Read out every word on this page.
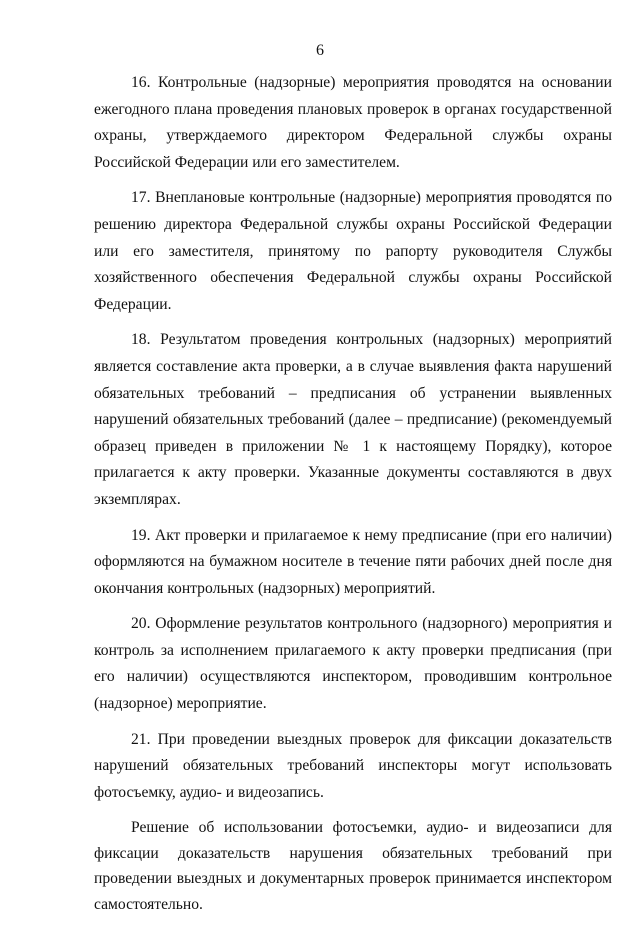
6

16. Контрольные (надзорные) мероприятия проводятся на основании ежегодного плана проведения плановых проверок в органах государственной охраны, утверждаемого директором Федеральной службы охраны Российской Федерации или его заместителем.

17. Внеплановые контрольные (надзорные) мероприятия проводятся по решению директора Федеральной службы охраны Российской Федерации или его заместителя, принятому по рапорту руководителя Службы хозяйственного обеспечения Федеральной службы охраны Российской Федерации.

18. Результатом проведения контрольных (надзорных) мероприятий является составление акта проверки, а в случае выявления факта нарушений обязательных требований – предписания об устранении выявленных нарушений обязательных требований (далее – предписание) (рекомендуемый образец приведен в приложении № 1 к настоящему Порядку), которое прилагается к акту проверки. Указанные документы составляются в двух экземплярах.

19. Акт проверки и прилагаемое к нему предписание (при его наличии) оформляются на бумажном носителе в течение пяти рабочих дней после дня окончания контрольных (надзорных) мероприятий.

20. Оформление результатов контрольного (надзорного) мероприятия и контроль за исполнением прилагаемого к акту проверки предписания (при его наличии) осуществляются инспектором, проводившим контрольное (надзорное) мероприятие.

21. При проведении выездных проверок для фиксации доказательств нарушений обязательных требований инспекторы могут использовать фотосъемку, аудио- и видеозапись.

Решение об использовании фотосъемки, аудио- и видеозаписи для фиксации доказательств нарушения обязательных требований при проведении выездных и документарных проверок принимается инспектором самостоятельно.
